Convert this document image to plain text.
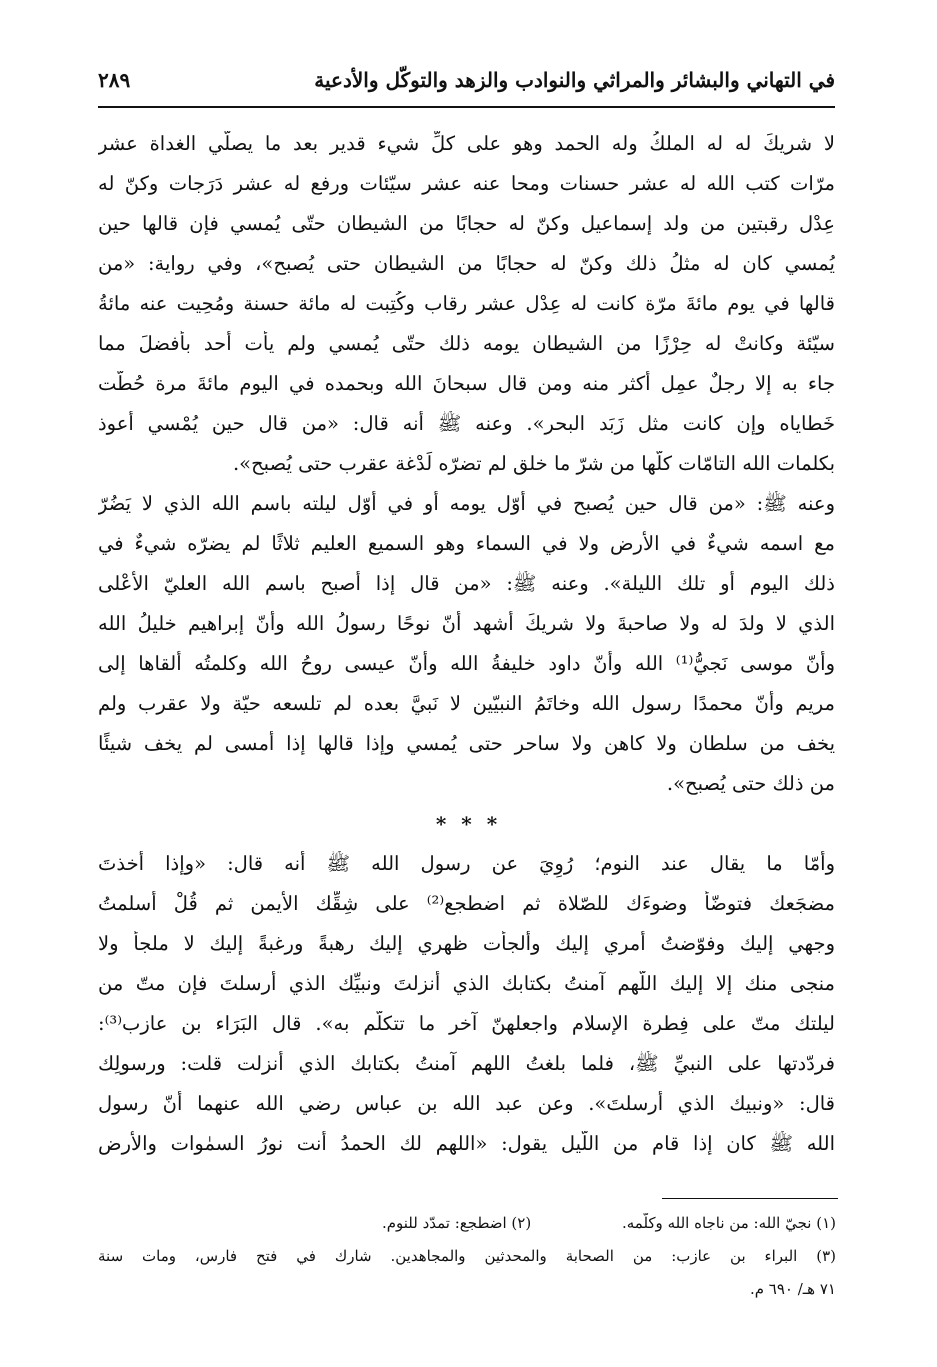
في التهاني والبشائر والمراثي والنوادب والزهد والتوكّل والأدعية
٢٨٩
لا شريكَ له له الملكُ وله الحمد وهو على كلِّ شيء قدير بعد ما يصلّي الغداة عشر
مرّات كتب الله له عشر حسنات ومحا عنه عشر سيّئات ورفع له عشر دَرَجات وكنّ له
عِدْل رقبتين من ولد إسماعيل وكنّ له حجابًا من الشيطان حتّى يُمسي فإن قالها حين
يُمسي كان له مثلُ ذلك وكنّ له حجابًا من الشيطان حتى يُصبح»، وفي رواية: «من
قالها في يوم مائةَ مرّة كانت له عِدْل عشر رقاب وكُتِبت له مائة حسنة ومُحِيت عنه مائةُ
سيّئة وكانتْ له حِرْزًا من الشيطان يومه ذلك حتّى يُمسي ولم يأت أحد بأفضلَ مما
جاء به إلا رجلٌ عمِل أكثر منه ومن قال سبحانَ الله وبحمده في اليوم مائةَ مرة حُطّت
خَطاياه وإن كانت مثل زَبَد البحر». وعنه ﷺ أنه قال: «من قال حين يُمْسي أعوذ
بكلمات الله التامّات كلّها من شرّ ما خلق لم تضرّه لَدْغة عقرب حتى يُصبح».
وعنه ﷺ: «من قال حين يُصبح في أوّل يومه أو في أوّل ليلته باسم الله الذي لا يَضُرّ
مع اسمه شيءٌ في الأرض ولا في السماء وهو السميع العليم ثلاثًا لم يضرّه شيءٌ في
ذلك اليوم أو تلك الليلة». وعنه ﷺ: «من قال إذا أصبح باسم الله العليّ الأعْلى
الذي لا ولدَ له ولا صاحبةَ ولا شريكَ أشهد أنّ نوحًا رسولُ الله وأنّ إبراهيم خليلُ الله
وأنّ موسى نَجيُّ⁽¹⁾ الله وأنّ داود خليفةُ الله وأنّ عيسى روحُ الله وكلمتُه ألقاها إلى
مريم وأنّ محمدًا رسول الله وخاتَمُ النبيّين لا نَبيَّ بعده لم تلسعه حيّة ولا عقرب ولم
يخف من سلطان ولا كاهن ولا ساحر حتى يُمسي وإذا قالها إذا أمسى لم يخف شيئًا
من ذلك حتى يُصبح».
* * *
وأمّا ما يقال عند النوم؛ رُوِيَ عن رسول الله ﷺ أنه قال: «وإذا أخذتَ
مضجَعك فتوضّأ وضوءَك للصّلاة ثم اضطجع⁽²⁾ على شِقِّك الأيمن ثم قُلْ أسلمتُ
وجهي إليك وفوّضتُ أمري إليك وألجأت ظهري إليك رهبةً ورغبةً إليك لا ملجأ ولا
منجى منك إلا إليك اللّهم آمنتُ بكتابك الذي أنزلتَ ونبيِّك الذي أرسلتَ فإن متّ من
ليلتك متّ على فِطرة الإسلام واجعلهنّ آخر ما تتكلّم به». قال البَرَاء بن عازب⁽³⁾:
فردّدتها على النبيِّ ﷺ، فلما بلغتُ اللهم آمنتُ بكتابك الذي أنزلت قلت: ورسولِك
قال: «ونبيك الذي أرسلتَ». وعن عبد الله بن عباس رضي الله عنهما أنّ رسول
الله ﷺ كان إذا قام من اللّيل يقول: «اللهم لك الحمدُ أنت نورُ السمٰوات والأرض
(١) نجيّ الله: من ناجاه الله وكلّمه. (٢) اضطجع: تمدّد للنوم.
(٣) البراء بن عازب: من الصحابة والمحدثين والمجاهدين. شارك في فتح فارس، ومات سنة
٧١ هـ/ ٦٩٠ م.
